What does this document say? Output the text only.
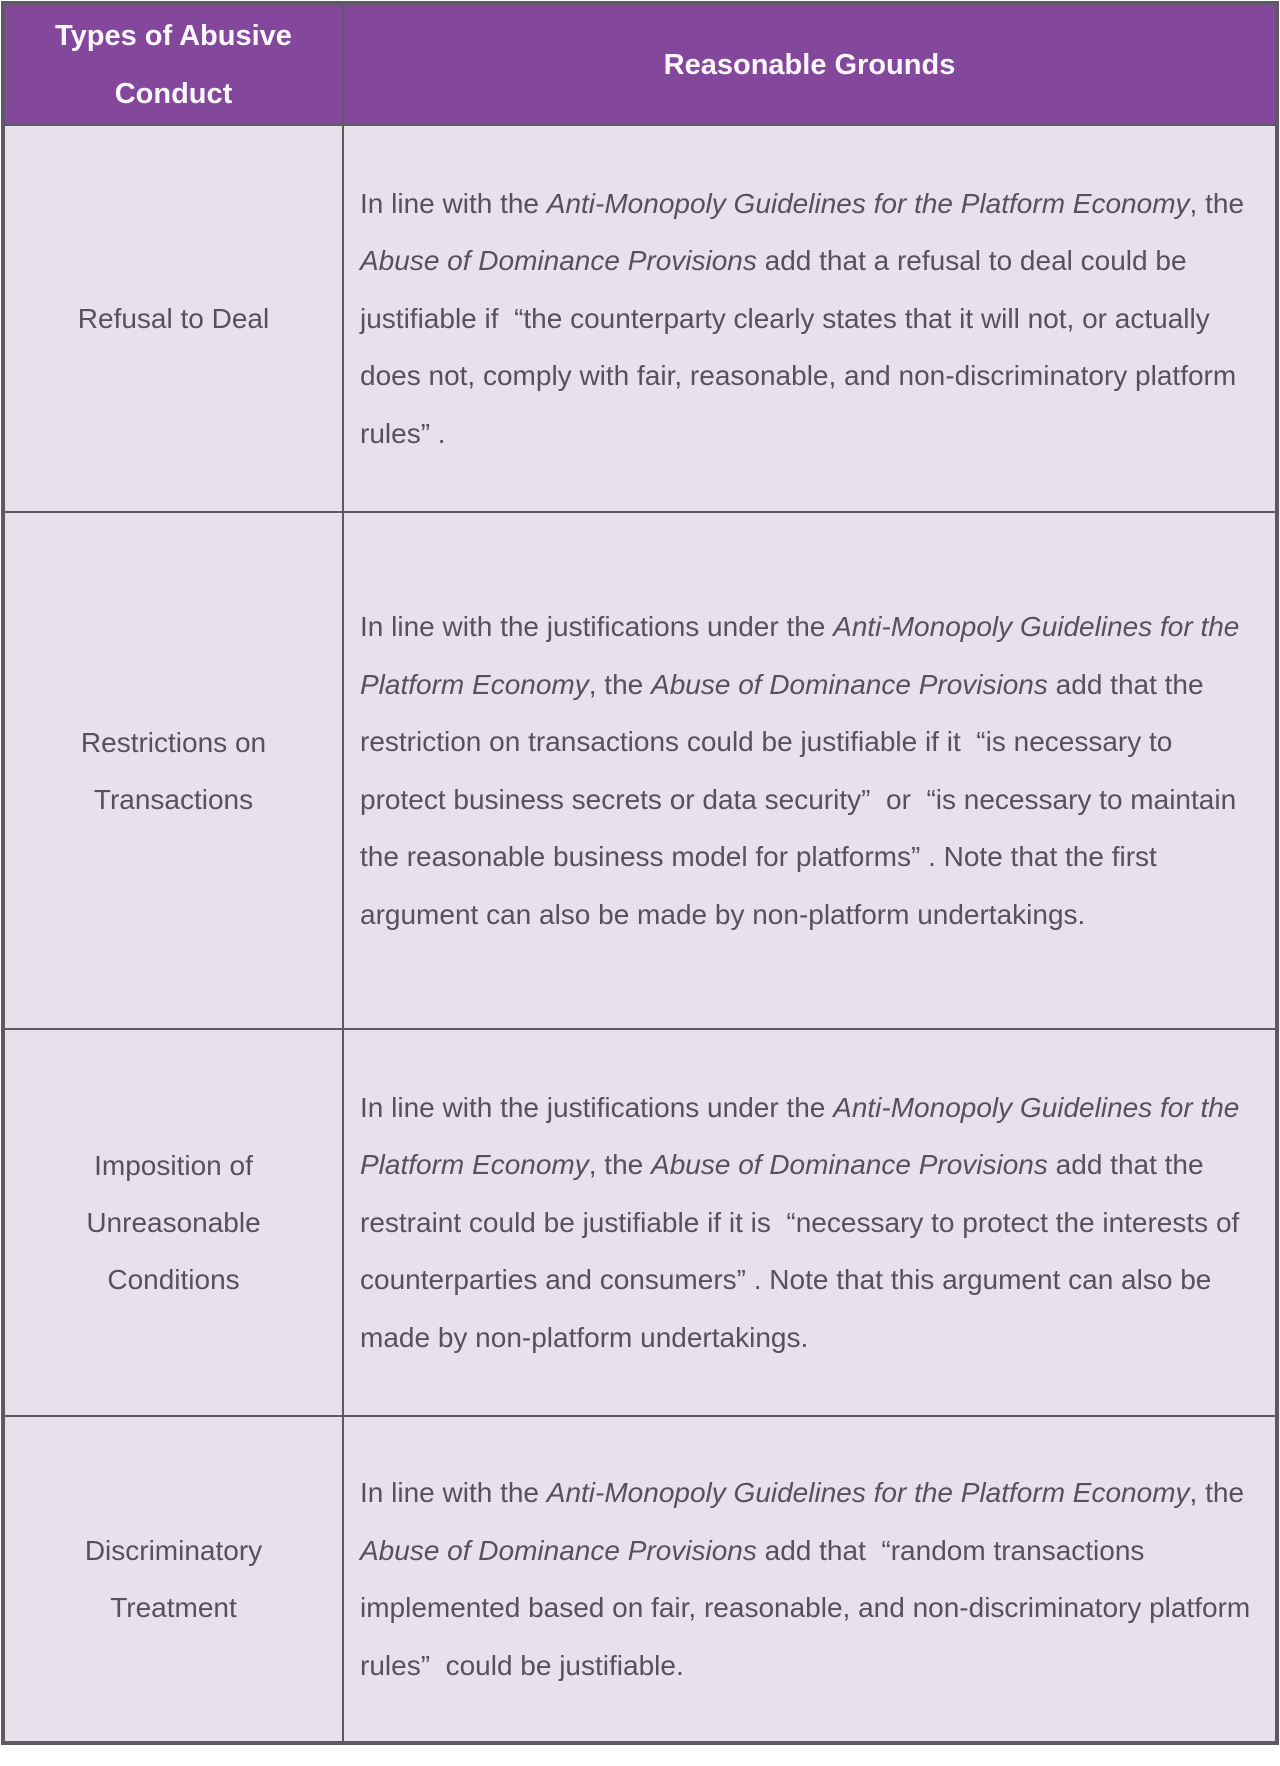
Types of Abusive Conduct	Reasonable Grounds
Refusal to Deal	In line with the Anti-Monopoly Guidelines for the Platform Economy, the Abuse of Dominance Provisions add that a refusal to deal could be justifiable if  “the counterparty clearly states that it will not, or actually does not, comply with fair, reasonable, and non-discriminatory platform rules” .
Restrictions on Transactions	In line with the justifications under the Anti-Monopoly Guidelines for the Platform Economy, the Abuse of Dominance Provisions add that the restriction on transactions could be justifiable if it  “is necessary to protect business secrets or data security”  or  “is necessary to maintain the reasonable business model for platforms” . Note that the first argument can also be made by non-platform undertakings.
Imposition of Unreasonable Conditions	In line with the justifications under the Anti-Monopoly Guidelines for the Platform Economy, the Abuse of Dominance Provisions add that the restraint could be justifiable if it is  “necessary to protect the interests of counterparties and consumers” . Note that this argument can also be made by non-platform undertakings.
Discriminatory Treatment	In line with the Anti-Monopoly Guidelines for the Platform Economy, the Abuse of Dominance Provisions add that  “random transactions implemented based on fair, reasonable, and non-discriminatory platform rules”  could be justifiable.
